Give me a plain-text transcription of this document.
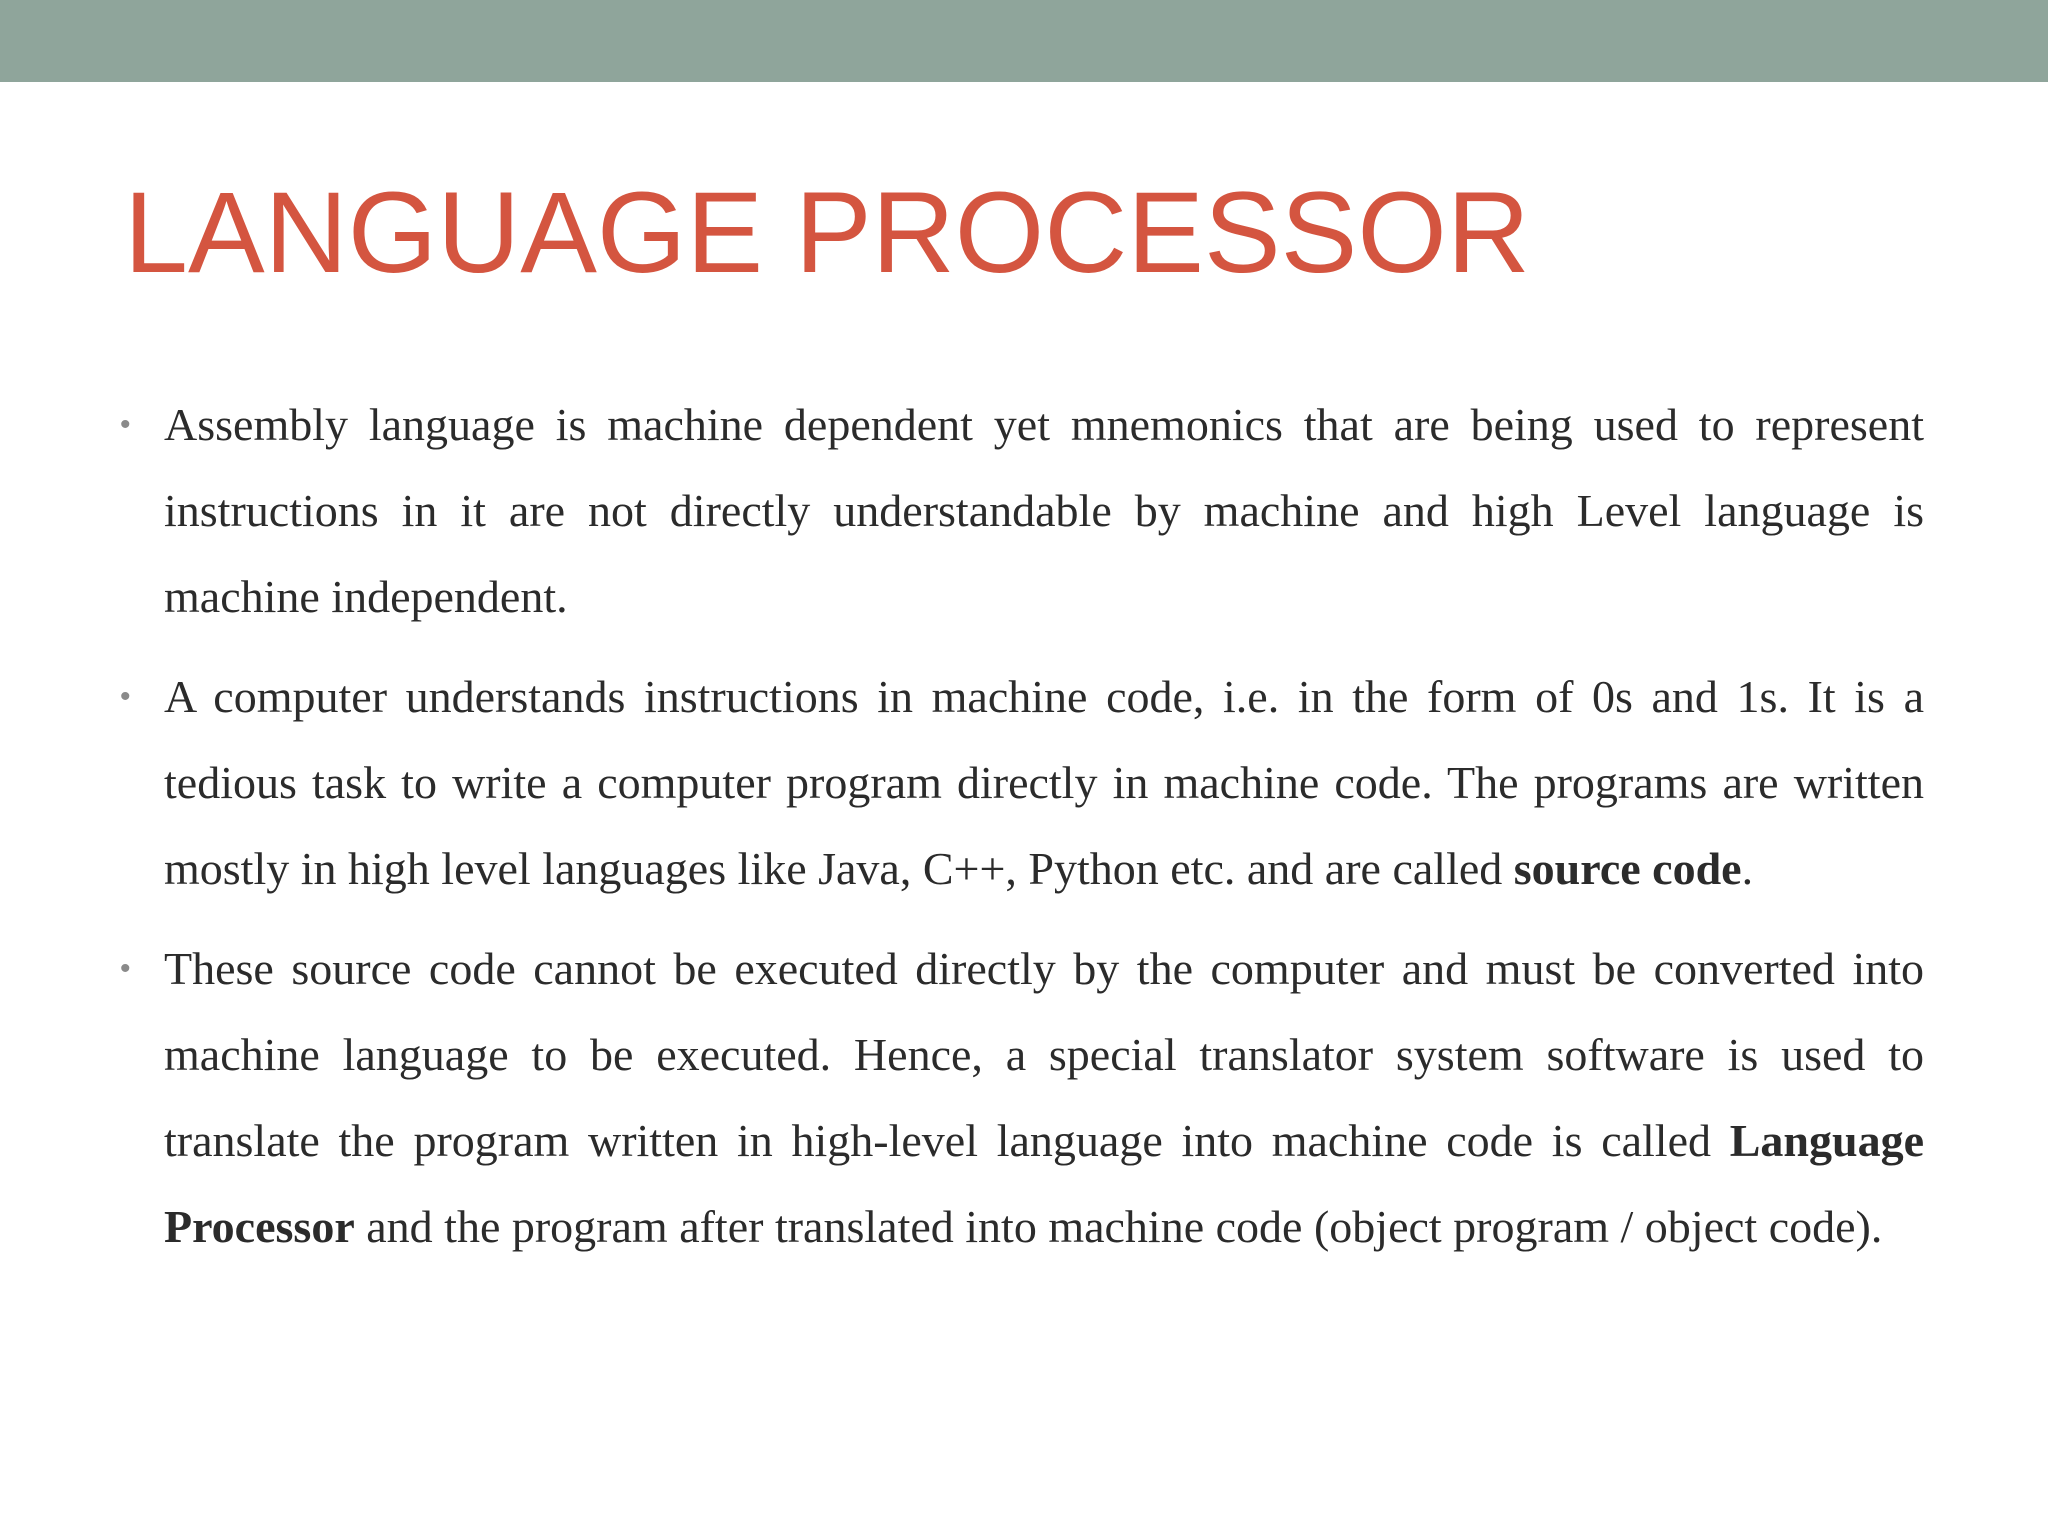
LANGUAGE PROCESSOR
• Assembly language is machine dependent yet mnemonics that are being used to represent instructions in it are not directly understandable by machine and high Level language is machine independent.
• A computer understands instructions in machine code, i.e. in the form of 0s and 1s. It is a tedious task to write a computer program directly in machine code. The programs are written mostly in high level languages like Java, C++, Python etc. and are called source code.
• These source code cannot be executed directly by the computer and must be converted into machine language to be executed. Hence, a special translator system software is used to translate the program written in high-level language into machine code is called Language Processor and the program after translated into machine code (object program / object code).
